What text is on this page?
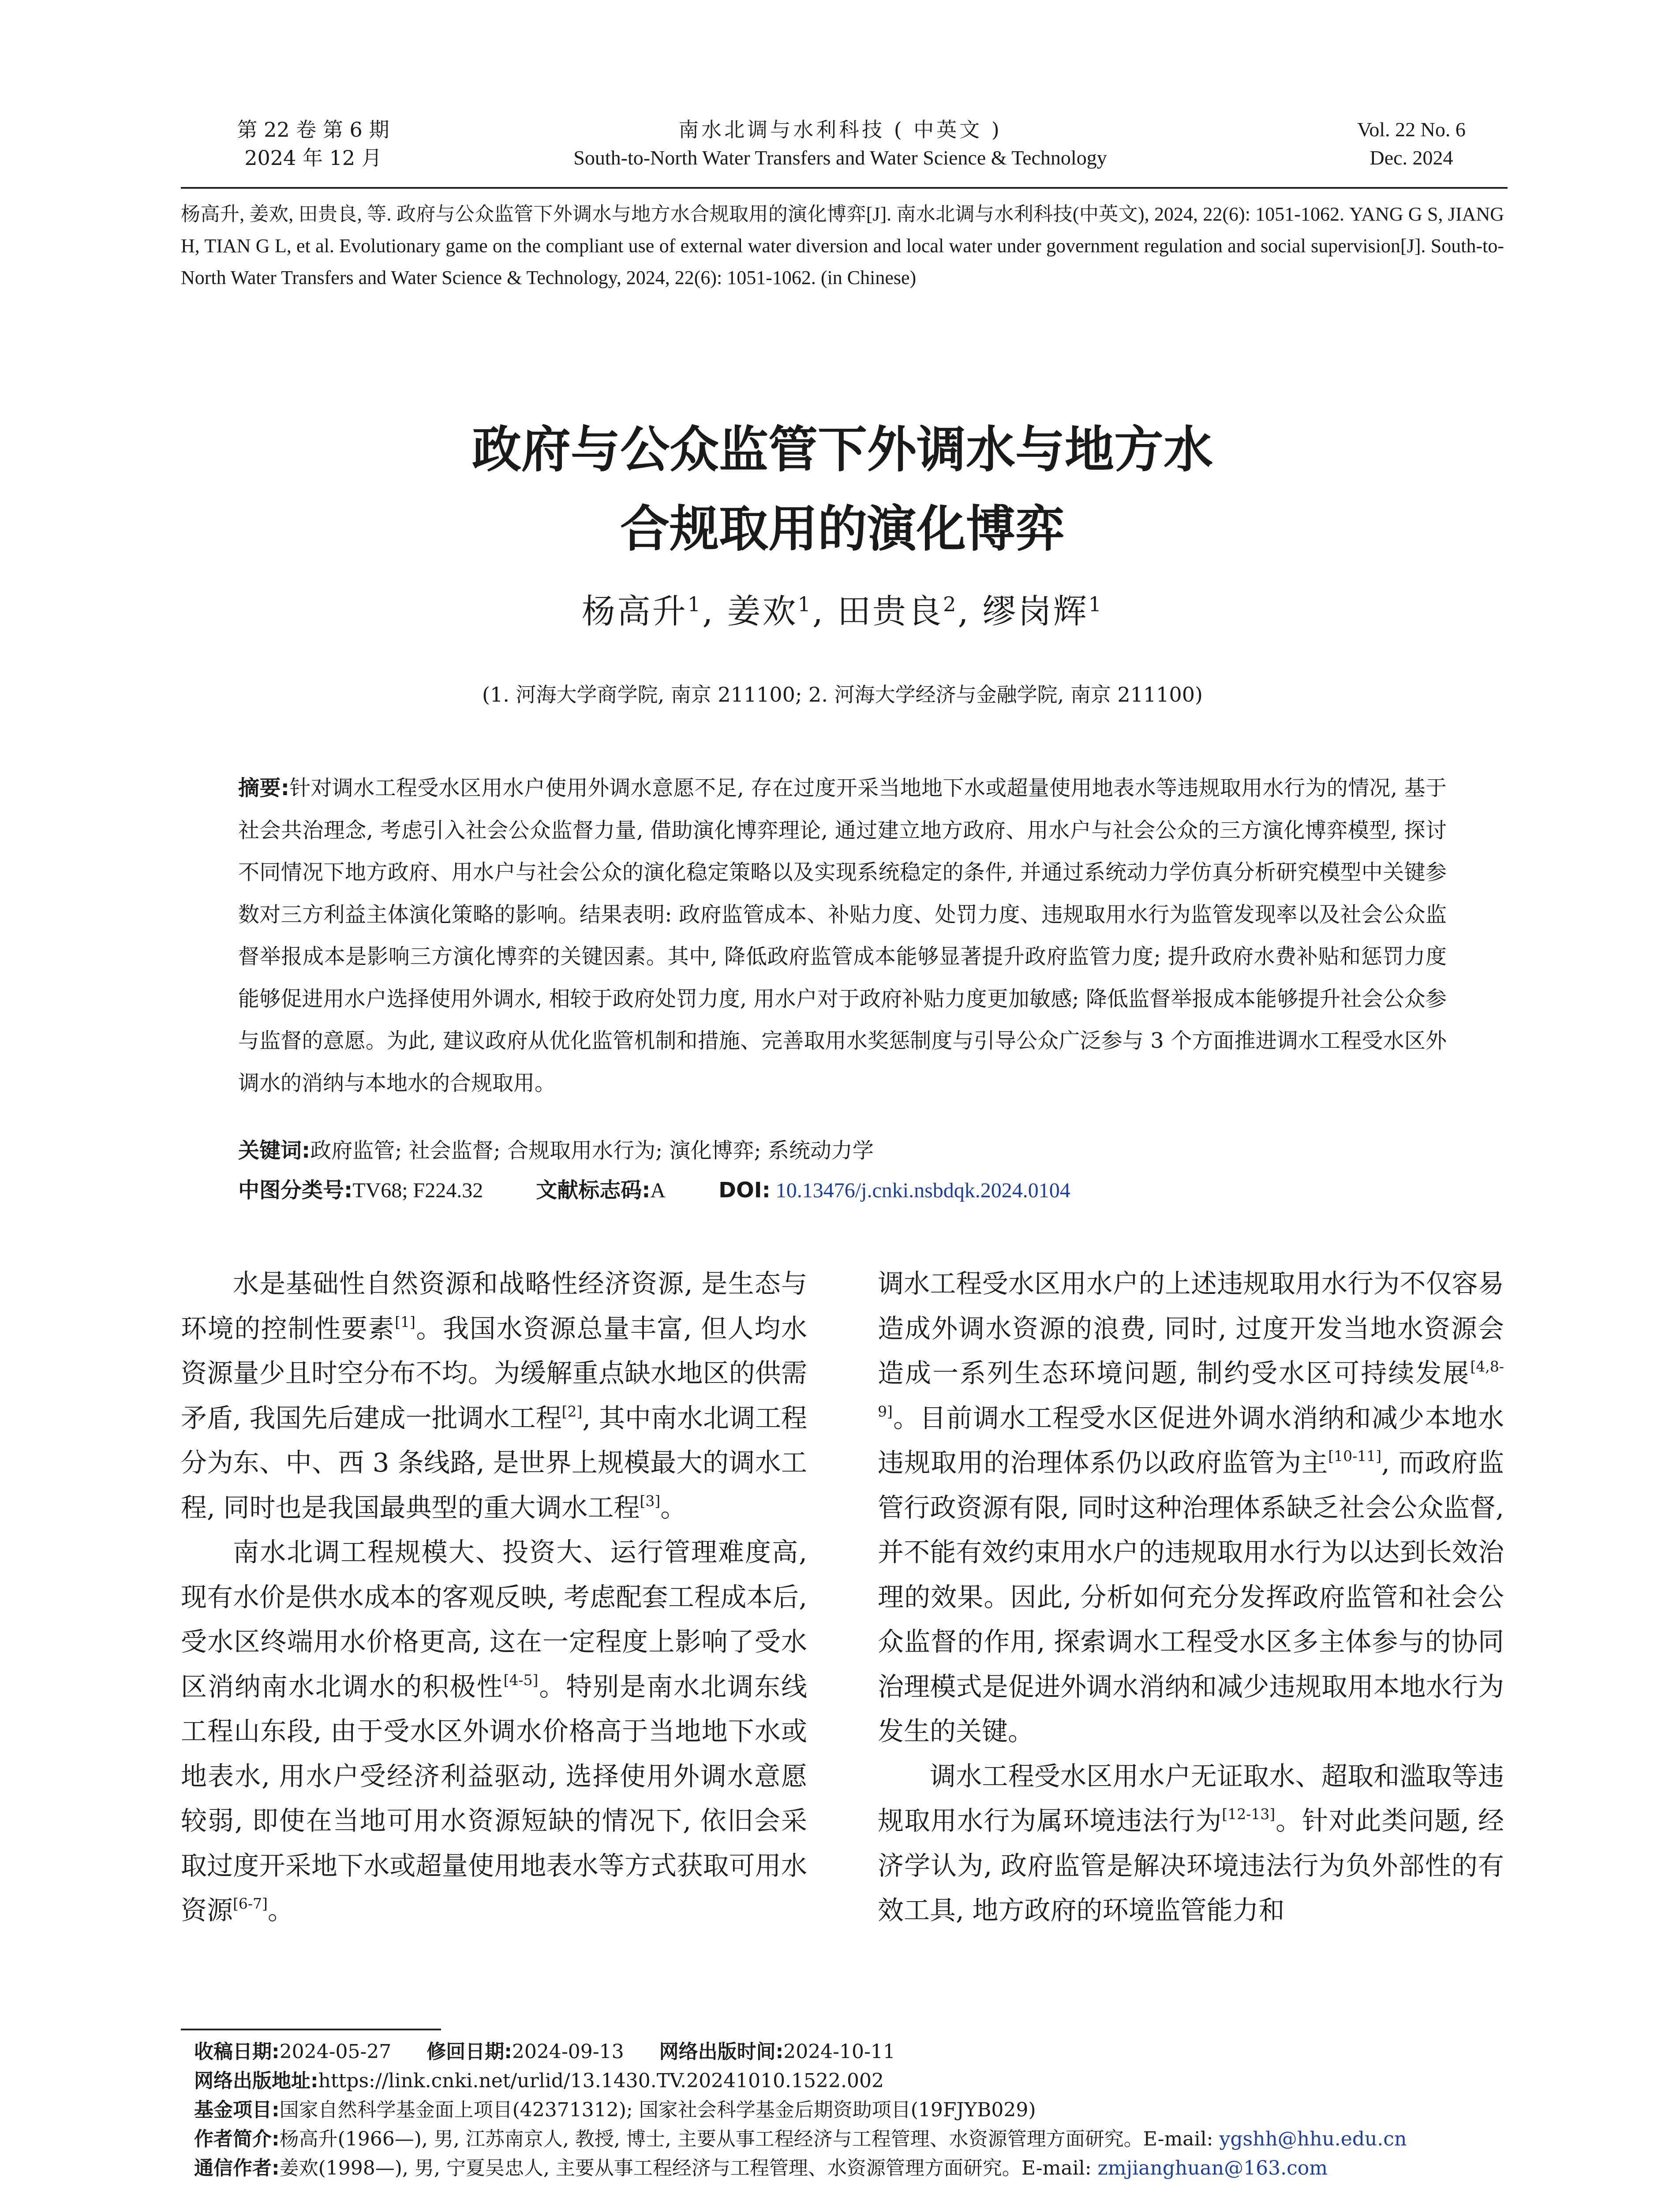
第 22 卷 第 6 期
2024 年 12 月
南水北调与水利科技 ( 中英文 )
South-to-North Water Transfers and Water Science & Technology
Vol. 22 No. 6
Dec. 2024
杨高升, 姜欢, 田贵良, 等. 政府与公众监管下外调水与地方水合规取用的演化博弈[J]. 南水北调与水利科技(中英文), 2024, 22(6): 1051-1062. YANG G S, JIANG H, TIAN G L, et al. Evolutionary game on the compliant use of external water diversion and local water under government regulation and social supervision[J]. South-to-North Water Transfers and Water Science & Technology, 2024, 22(6): 1051-1062. (in Chinese)
政府与公众监管下外调水与地方水
合规取用的演化博弈
杨高升$^1$, 姜欢$^1$, 田贵良$^2$, 缪岗辉$^1$
(1. 河海大学商学院, 南京 211100; 2. 河海大学经济与金融学院, 南京 211100)
摘要:针对调水工程受水区用水户使用外调水意愿不足, 存在过度开采当地地下水或超量使用地表水等违规取用水行为的情况, 基于社会共治理念, 考虑引入社会公众监督力量, 借助演化博弈理论, 通过建立地方政府、用水户与社会公众的三方演化博弈模型, 探讨不同情况下地方政府、用水户与社会公众的演化稳定策略以及实现系统稳定的条件, 并通过系统动力学仿真分析研究模型中关键参数对三方利益主体演化策略的影响。结果表明: 政府监管成本、补贴力度、处罚力度、违规取用水行为监管发现率以及社会公众监督举报成本是影响三方演化博弈的关键因素。其中, 降低政府监管成本能够显著提升政府监管力度; 提升政府水费补贴和惩罚力度能够促进用水户选择使用外调水, 相较于政府处罚力度, 用水户对于政府补贴力度更加敏感; 降低监督举报成本能够提升社会公众参与监督的意愿。为此, 建议政府从优化监管机制和措施、完善取用水奖惩制度与引导公众广泛参与 3 个方面推进调水工程受水区外调水的消纳与本地水的合规取用。
关键词:政府监管; 社会监督; 合规取用水行为; 演化博弈; 系统动力学
中图分类号:TV68; F224.32	文献标志码:A	DOI: 10.13476/j.cnki.nsbdqk.2024.0104

水是基础性自然资源和战略性经济资源, 是生态与环境的控制性要素[1]。我国水资源总量丰富, 但人均水资源量少且时空分布不均。为缓解重点缺水地区的供需矛盾, 我国先后建成一批调水工程[2], 其中南水北调工程分为东、中、西 3 条线路, 是世界上规模最大的调水工程, 同时也是我国最典型的重大调水工程[3]。

南水北调工程规模大、投资大、运行管理难度高, 现有水价是供水成本的客观反映, 考虑配套工程成本后, 受水区终端用水价格更高, 这在一定程度上影响了受水区消纳南水北调水的积极性[4-5]。特别是南水北调东线工程山东段, 由于受水区外调水价格高于当地地下水或地表水, 用水户受经济利益驱动, 选择使用外调水意愿较弱, 即使在当地可用水资源短缺的情况下, 依旧会采取过度开采地下水或超量使用地表水等方式获取可用水资源[6-7]。

调水工程受水区用水户的上述违规取用水行为不仅容易造成外调水资源的浪费, 同时, 过度开发当地水资源会造成一系列生态环境问题, 制约受水区可持续发展[4,8-9]。目前调水工程受水区促进外调水消纳和减少本地水违规取用的治理体系仍以政府监管为主[10-11], 而政府监管行政资源有限, 同时这种治理体系缺乏社会公众监督, 并不能有效约束用水户的违规取用水行为以达到长效治理的效果。因此, 分析如何充分发挥政府监管和社会公众监督的作用, 探索调水工程受水区多主体参与的协同治理模式是促进外调水消纳和减少违规取用本地水行为发生的关键。

调水工程受水区用水户无证取水、超取和滥取等违规取用水行为属环境违法行为[12-13]。针对此类问题, 经济学认为, 政府监管是解决环境违法行为负外部性的有效工具, 地方政府的环境监管能力和

收稿日期:2024-05-27 修回日期:2024-09-13 网络出版时间:2024-10-11
网络出版地址:https://link.cnki.net/urlid/13.1430.TV.20241010.1522.002
基金项目:国家自然科学基金面上项目(42371312); 国家社会科学基金后期资助项目(19FJYB029)
作者简介:杨高升(1966—), 男, 江苏南京人, 教授, 博士, 主要从事工程经济与工程管理、水资源管理方面研究。E-mail: ygshh@hhu.edu.cn
通信作者:姜欢(1998—), 男, 宁夏吴忠人, 主要从事工程经济与工程管理、水资源管理方面研究。E-mail: zmjianghuan@163.com
